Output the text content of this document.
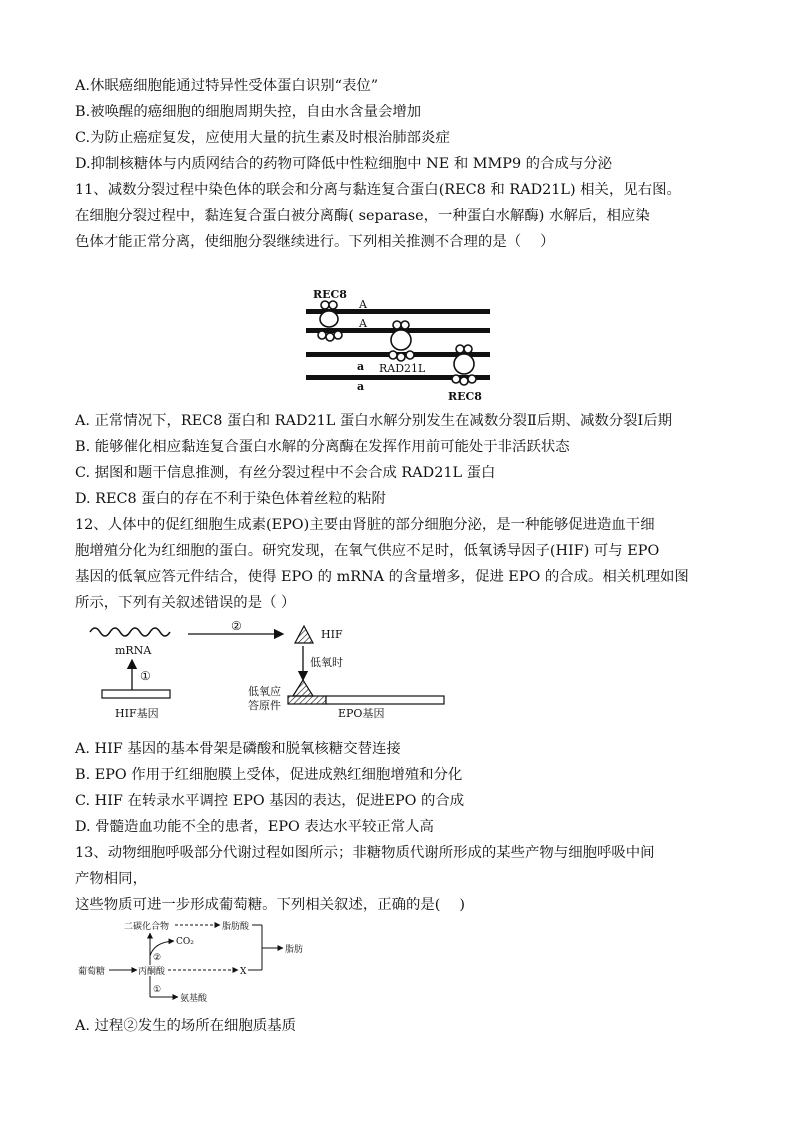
A.休眠癌细胞能通过特异性受体蛋白识别“表位”
B.被唤醒的癌细胞的细胞周期失控，自由水含量会增加
C.为防止癌症复发，应使用大量的抗生素及时根治肺部炎症
D.抑制核糖体与内质网结合的药物可降低中性粒细胞中 NE 和 MMP9 的合成与分泌
11、减数分裂过程中染色体的联会和分离与黏连复合蛋白(REC8 和 RAD21L) 相关，见右图。
在细胞分裂过程中，黏连复合蛋白被分离酶( separase，一种蛋白水解酶) 水解后，相应染
色体才能正常分离，使细胞分裂继续进行。下列相关推测不合理的是（　 ）
REC8
A
A
a
a
RAD21L
REC8
A. 正常情况下，REC8 蛋白和 RAD21L 蛋白水解分别发生在减数分裂Ⅱ后期、减数分裂Ⅰ后期
B. 能够催化相应黏连复合蛋白水解的分离酶在发挥作用前可能处于非活跃状态
C. 据图和题干信息推测，有丝分裂过程中不会合成 RAD21L 蛋白
D. REC8 蛋白的存在不利于染色体着丝粒的粘附
12、人体中的促红细胞生成素(EPO)主要由肾脏的部分细胞分泌，是一种能够促进造血干细
胞增殖分化为红细胞的蛋白。研究发现，在氧气供应不足时，低氧诱导因子(HIF) 可与 EPO
基因的低氧应答元件结合，使得 EPO 的 mRNA 的含量增多，促进 EPO 的合成。相关机理如图
所示，下列有关叙述错误的是（ ）
mRNA
①
HIF基因
②
HIF
低氧时
低氧应
答原件
EPO基因
A. HIF 基因的基本骨架是磷酸和脱氧核糖交替连接
B. EPO 作用于红细胞膜上受体，促进成熟红细胞增殖和分化
C. HIF 在转录水平调控 EPO 基因的表达，促进EPO 的合成
D. 骨髓造血功能不全的患者，EPO 表达水平较正常人高
13、动物细胞呼吸部分代谢过程如图所示；非糖物质代谢所形成的某些产物与细胞呼吸中间
产物相同，
这些物质可进一步形成葡萄糖。下列相关叙述，正确的是(　 )
二碳化合物	脂肪酸
脂肪
CO₂
②
葡萄糖	丙酮酸	X
①
氨基酸
A. 过程②发生的场所在细胞质基质
